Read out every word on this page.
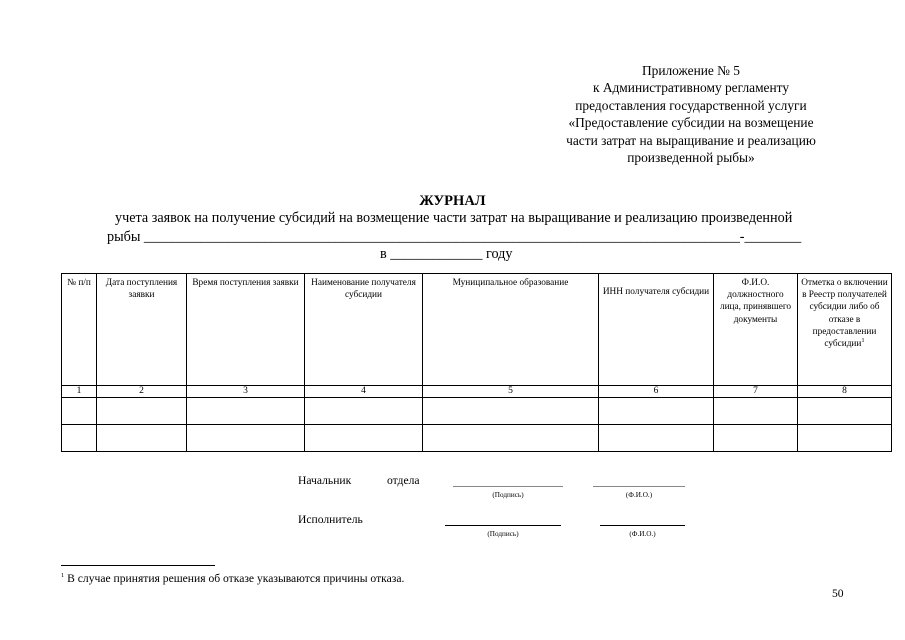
Приложение № 5
к Административному регламенту
предоставления государственной услуги
«Предоставление субсидии на возмещение
части затрат на выращивание и реализацию
произведенной рыбы»
ЖУРНАЛ
учета заявок на получение субсидий на возмещение части затрат на выращивание и реализацию произведенной
рыбы ____________________________________________________________________________________-________
в _____________ году
№ п/п	Дата поступления заявки	Время поступления заявки	Наименование получателя субсидии	Муниципальное образование	ИНН получателя субсидии	Ф.И.О. должностного лица, принявшего документы	Отметка о включении в Реестр получателей субсидии либо об отказе в предоставлении субсидии$^1$
1	2	3	4	5	6	7	8

Начальник	отдела
(Подпись)	(Ф.И.О.)
Исполнитель
(Подпись)	(Ф.И.О.)
$^1$ В случае принятия решения об отказе указываются причины отказа.
50
